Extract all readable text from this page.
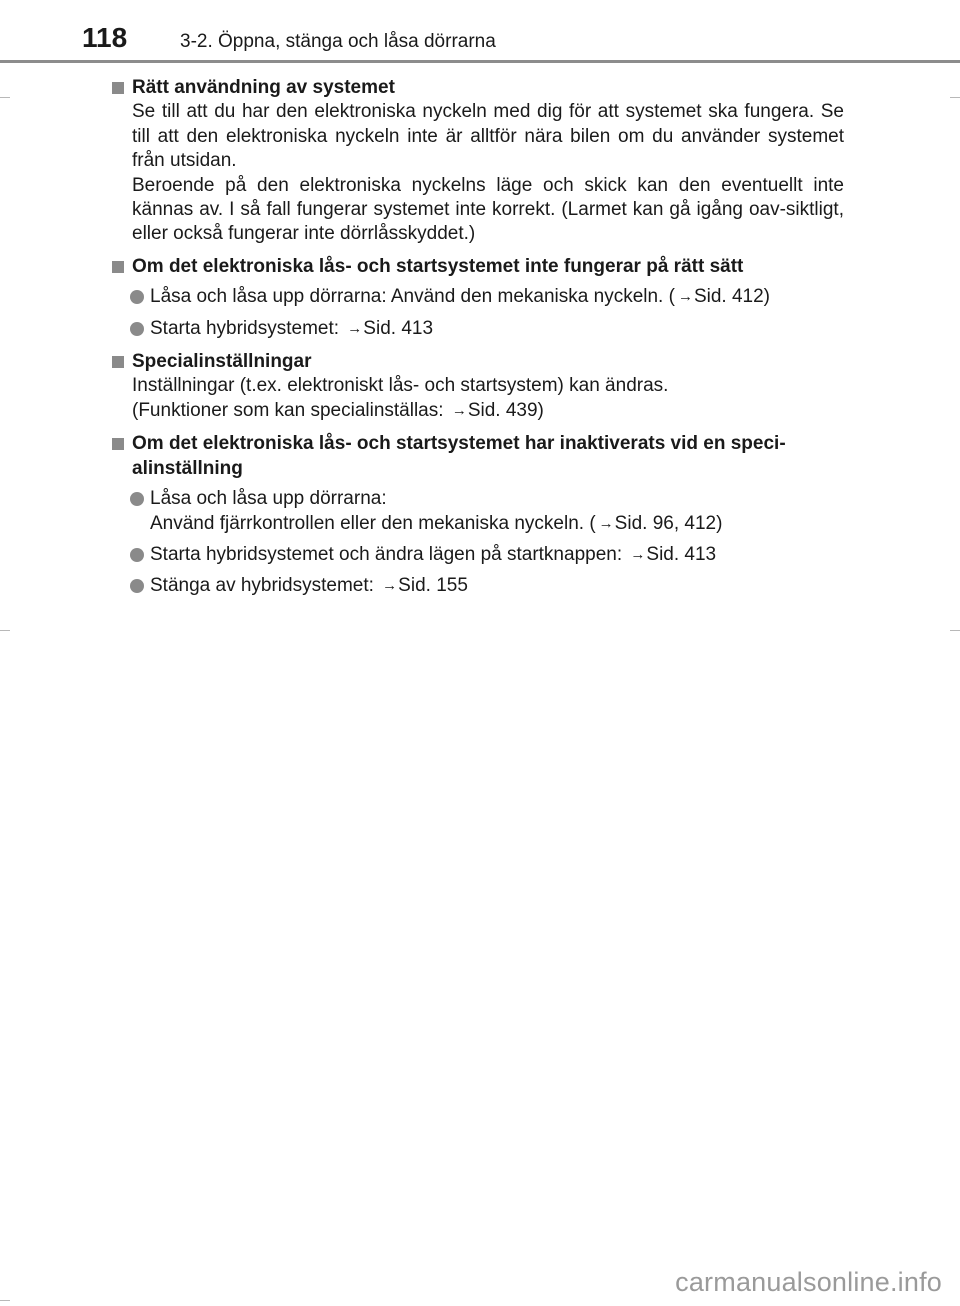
118	3-2. Öppna, stänga och låsa dörrarna
Rätt användning av systemet
Se till att du har den elektroniska nyckeln med dig för att systemet ska fungera. Se till att den elektroniska nyckeln inte är alltför nära bilen om du använder systemet från utsidan.
Beroende på den elektroniska nyckelns läge och skick kan den eventuellt inte kännas av. I så fall fungerar systemet inte korrekt. (Larmet kan gå igång oav-siktligt, eller också fungerar inte dörrlåsskyddet.)
Om det elektroniska lås- och startsystemet inte fungerar på rätt sätt
Låsa och låsa upp dörrarna: Använd den mekaniska nyckeln. ( →Sid. 412)
Starta hybridsystemet: →Sid. 413
Specialinställningar
Inställningar (t.ex. elektroniskt lås- och startsystem) kan ändras.
(Funktioner som kan specialinställas: →Sid. 439)
Om det elektroniska lås- och startsystemet har inaktiverats vid en speci-alinställning
Låsa och låsa upp dörrarna:
Använd fjärrkontrollen eller den mekaniska nyckeln. ( →Sid. 96, 412)
Starta hybridsystemet och ändra lägen på startknappen: →Sid. 413
Stänga av hybridsystemet: →Sid. 155
carmanualsonline.info
